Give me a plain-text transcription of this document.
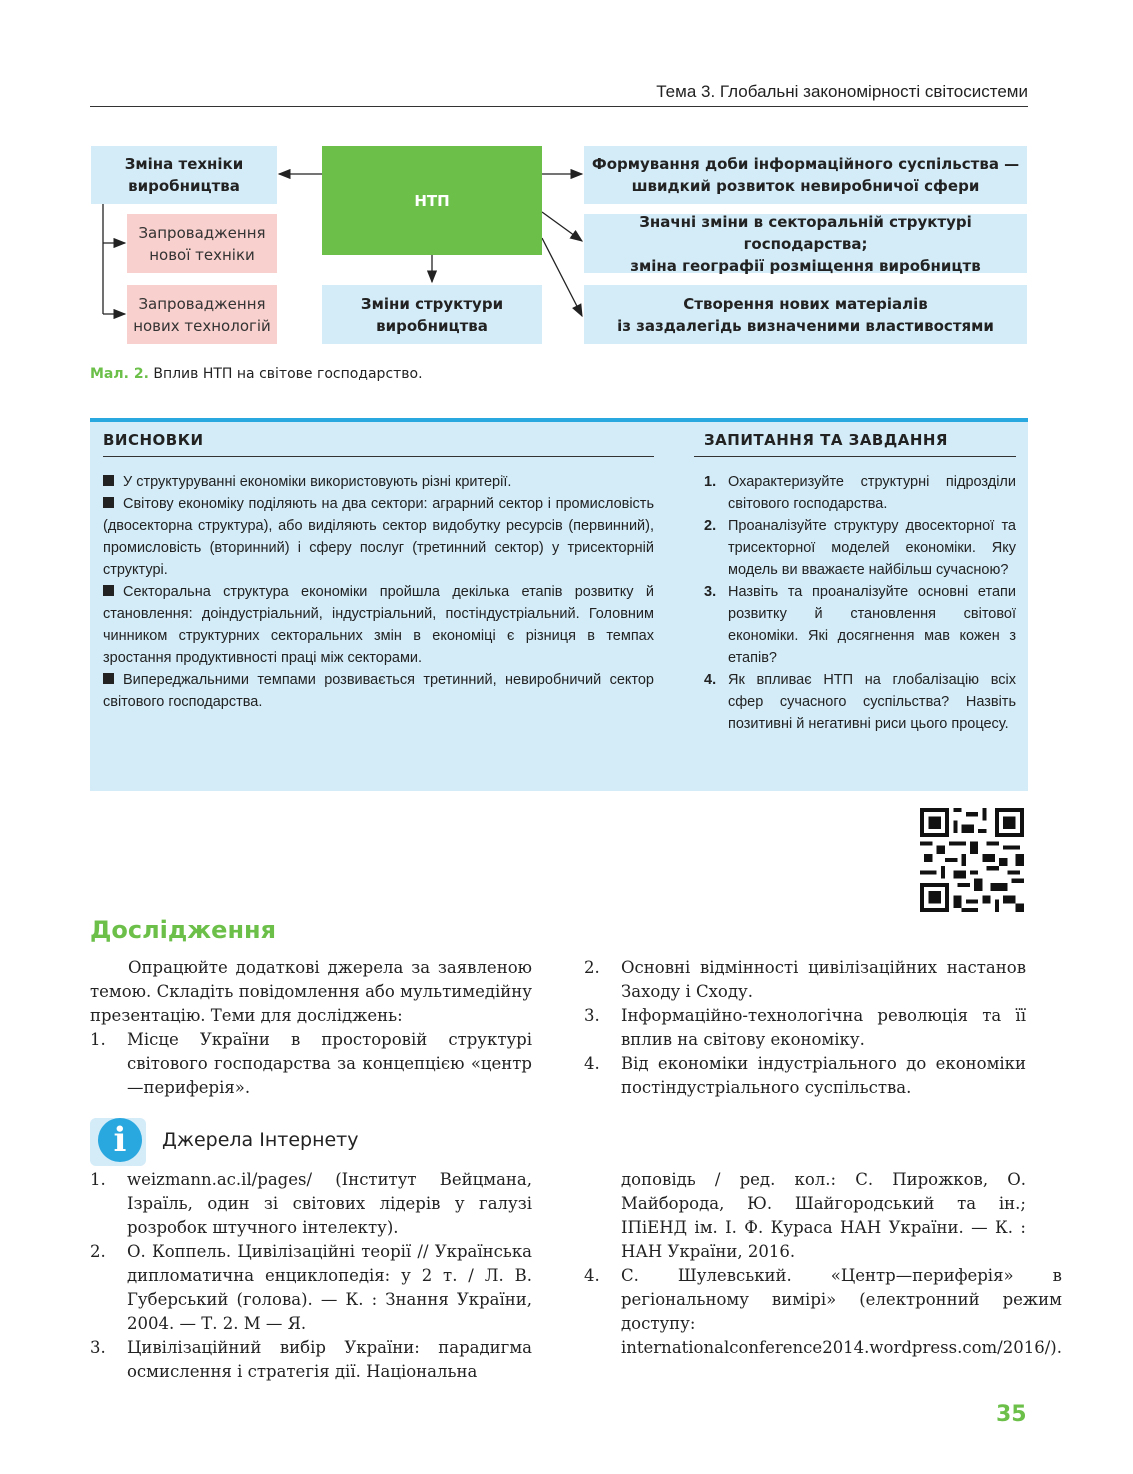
Тема 3. Глобальні закономірності світосистеми
Зміна техніки
виробництва
Запровадження
нової техніки
Запровадження
нових технологій
НТП
Зміни структури
виробництва
Формування доби інформаційного суспільства —
швидкий розвиток невиробничої сфери
Значні зміни в секторальній структурі господарства;
зміна географії розміщення виробництв
Створення нових матеріалів
із заздалегідь визначеними властивостями
Мал. 2. Вплив НТП на світове господарство.
ВИСНОВКИ

У структуруванні економіки використовують різні критерії.

Світову економіку поділяють на два сектори: аграрний сектор і промисловість (двосекторна структура), або виділяють сектор видобутку ресурсів (первинний), промисловість (вторинний) і сферу послуг (третинний сектор) у трисекторній структурі.

Секторальна структура економіки пройшла декілька етапів розвитку й становлення: доіндустріальний, індустріальний, постіндустріальний. Головним чинником структурних секторальних змін в економіці є різниця в темпах зростання продуктивності праці між секторами.

Випереджальними темпами розвивається третинний, невиробничий сектор світового господарства.

ЗАПИТАННЯ ТА ЗАВДАННЯ
1. Охарактеризуйте структурні підрозділи світового господарства.
2. Проаналізуйте структуру двосекторної та трисекторної моделей економіки. Яку модель ви вважаєте найбільш сучасною?
3. Назвіть та проаналізуйте основні етапи розвитку й становлення світової економіки. Які досягнення мав кожен з етапів?
4. Як впливає НТП на глобалізацію всіх сфер сучасного суспільства? Назвіть позитивні й негативні риси цього процесу.
Дослідження

Опрацюйте додаткові джерела за заявленою темою. Складіть повідомлення або мультимедійну презентацію. Теми для досліджень:

1.	Місце України в просторовій структурі світового господарства за концепцією «центр—периферія».
2.	Основні відмінності цивілізаційних настанов Заходу і Сходу.
3.	Інформаційно-технологічна революція та її вплив на світову економіку.
4.	Від економіки індустріального до економіки постіндустріального суспільства.
i	Джерела Інтернету
1.	weizmann.ac.il/pages/ (Інститут Вейцмана, Ізраїль, один зі світових лідерів у галузі розробок штучного інтелекту).
2.	О. Коппель. Цивілізаційні теорії // Українська дипломатична енциклопедія: у 2 т. / Л. В. Губерський (голова). — К. : Знання України, 2004. — Т. 2. М — Я.
3.	Цивілізаційний вибір України: парадигма осмислення і стратегія дії. Національна
доповідь / ред. кол.: С. Пирожков, О. Майборода, Ю. Шайгородський та ін.; ІПіЕНД ім. І. Ф. Кураса НАН України. — К. : НАН України, 2016.
4.	С. Шулевський. «Центр—периферія» в регіональному вимірі» (електронний режим доступу: internationalconference2014.wordpress.com/2016/).
35
